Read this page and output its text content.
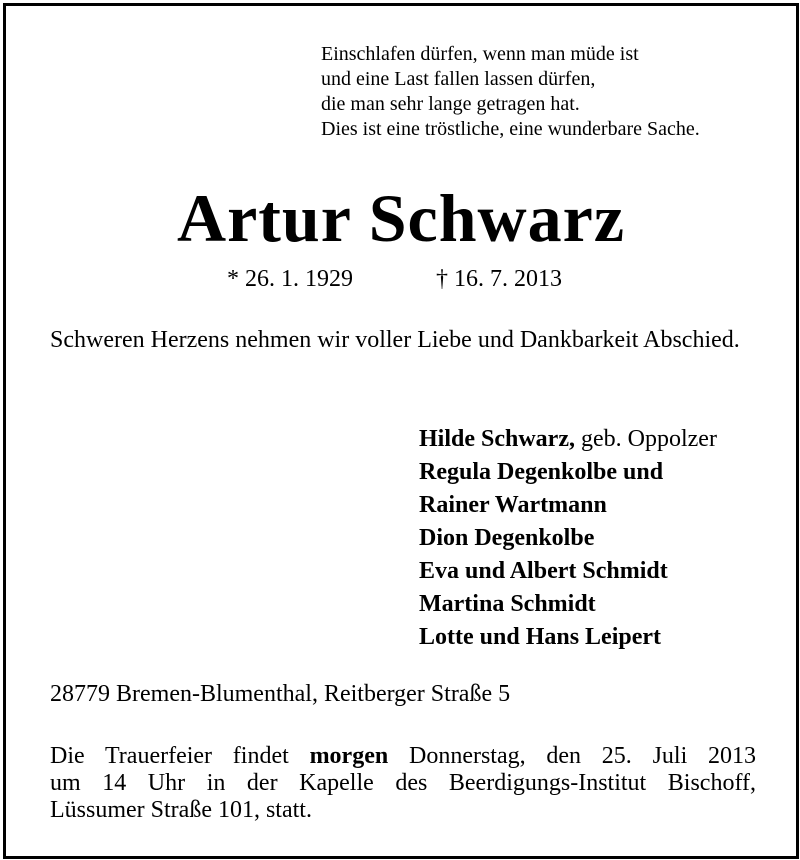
Einschlafen dürfen, wenn man müde ist
und eine Last fallen lassen dürfen,
die man sehr lange getragen hat.
Dies ist eine tröstliche, eine wunderbare Sache.
Artur Schwarz
* 26. 1. 1929	† 16. 7. 2013
Schweren Herzens nehmen wir voller Liebe und Dankbarkeit Abschied.
Hilde Schwarz, geb. Oppolzer
Regula Degenkolbe und
Rainer Wartmann
Dion Degenkolbe
Eva und Albert Schmidt
Martina Schmidt
Lotte und Hans Leipert
28779 Bremen-Blumenthal, Reitberger Straße 5
Die Trauerfeier findet morgen Donnerstag, den 25. Juli 2013
um 14 Uhr in der Kapelle des Beerdigungs-Institut Bischoff,
Lüssumer Straße 101, statt.
